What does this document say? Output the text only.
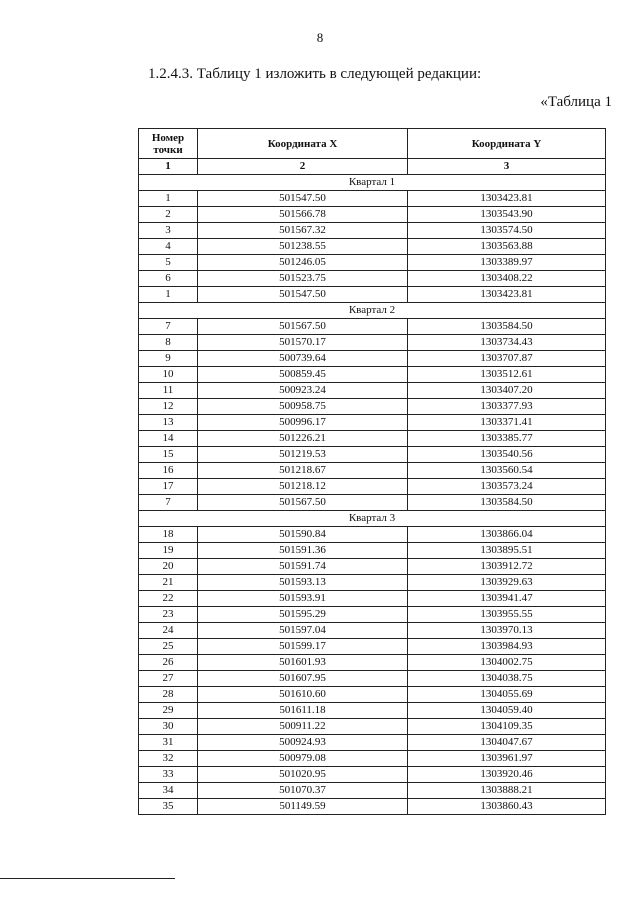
8
1.2.4.3. Таблицу 1 изложить в следующей редакции:
«Таблица 1
Номер точки	Координата X	Координата Y
1	2	3
Квартал 1		
1	501547.50	1303423.81
2	501566.78	1303543.90
3	501567.32	1303574.50
4	501238.55	1303563.88
5	501246.05	1303389.97
6	501523.75	1303408.22
1	501547.50	1303423.81
Квартал 2		
7	501567.50	1303584.50
8	501570.17	1303734.43
9	500739.64	1303707.87
10	500859.45	1303512.61
11	500923.24	1303407.20
12	500958.75	1303377.93
13	500996.17	1303371.41
14	501226.21	1303385.77
15	501219.53	1303540.56
16	501218.67	1303560.54
17	501218.12	1303573.24
7	501567.50	1303584.50
Квартал 3		
18	501590.84	1303866.04
19	501591.36	1303895.51
20	501591.74	1303912.72
21	501593.13	1303929.63
22	501593.91	1303941.47
23	501595.29	1303955.55
24	501597.04	1303970.13
25	501599.17	1303984.93
26	501601.93	1304002.75
27	501607.95	1304038.75
28	501610.60	1304055.69
29	501611.18	1304059.40
30	500911.22	1304109.35
31	500924.93	1304047.67
32	500979.08	1303961.97
33	501020.95	1303920.46
34	501070.37	1303888.21
35	501149.59	1303860.43
